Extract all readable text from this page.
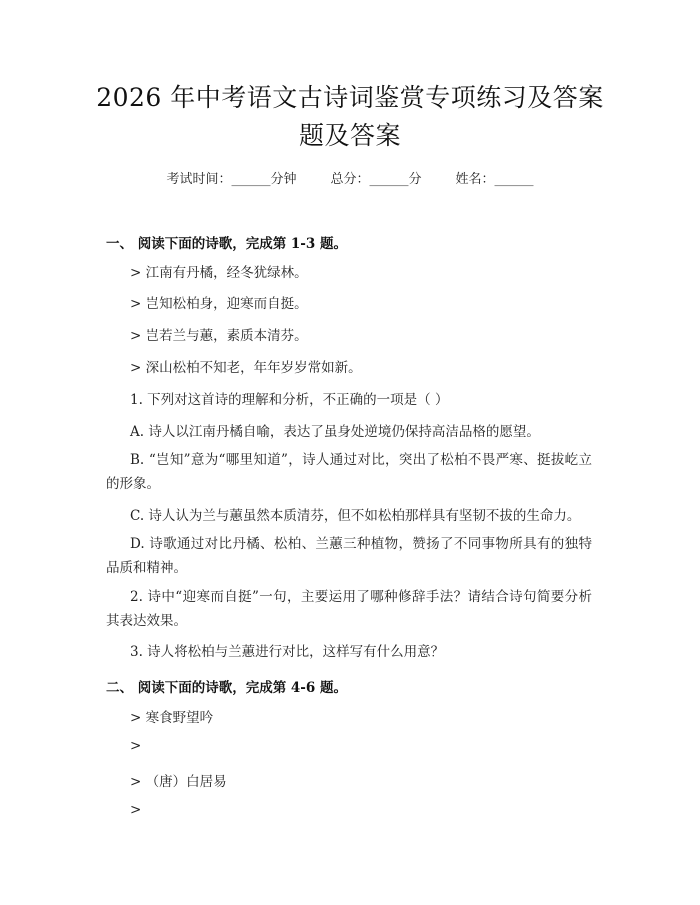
2026 年中考语文古诗词鉴赏专项练习及答案
题及答案
考试时间：______分钟	总分：______分	姓名：______
一、 阅读下面的诗歌，完成第 1-3 题。
> 江南有丹橘，经冬犹绿林。
> 岂知松柏身，迎寒而自挺。
> 岂若兰与蕙，素质本清芬。
> 深山松柏不知老，年年岁岁常如新。
1. 下列对这首诗的理解和分析，不正确的一项是（ ）
A. 诗人以江南丹橘自喻，表达了虽身处逆境仍保持高洁品格的愿望。
B. “岂知”意为“哪里知道”，诗人通过对比，突出了松柏不畏严寒、挺拔屹立的形象。
C. 诗人认为兰与蕙虽然本质清芬，但不如松柏那样具有坚韧不拔的生命力。
D. 诗歌通过对比丹橘、松柏、兰蕙三种植物，赞扬了不同事物所具有的独特品质和精神。
2. 诗中“迎寒而自挺”一句，主要运用了哪种修辞手法？请结合诗句简要分析其表达效果。
3. 诗人将松柏与兰蕙进行对比，这样写有什么用意？
二、 阅读下面的诗歌，完成第 4-6 题。
> 寒食野望吟
>
> （唐）白居易
>
